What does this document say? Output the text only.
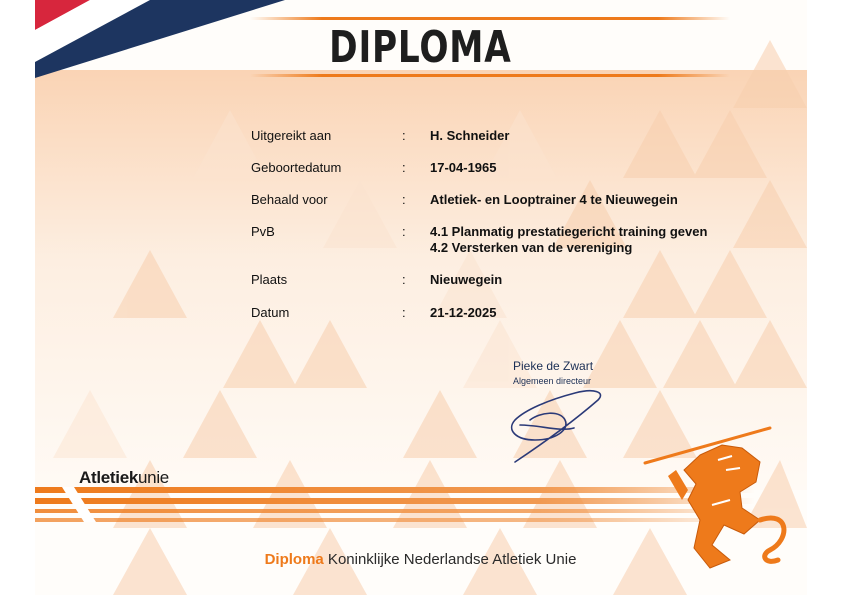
DIPLOMA
Uitgereikt aan	: H. Schneider
Geboortedatum	: 17-04-1965
Behaald voor	: Atletiek- en Looptrainer 4 te Nieuwegein
PvB	: 4.1 Planmatig prestatiegericht training geven
4.2 Versterken van de vereniging
Plaats	: Nieuwegein
Datum	: 21-12-2025
Pieke de Zwart
Algemeen directeur
Atletiekunie
Diploma Koninklijke Nederlandse Atletiek Unie
